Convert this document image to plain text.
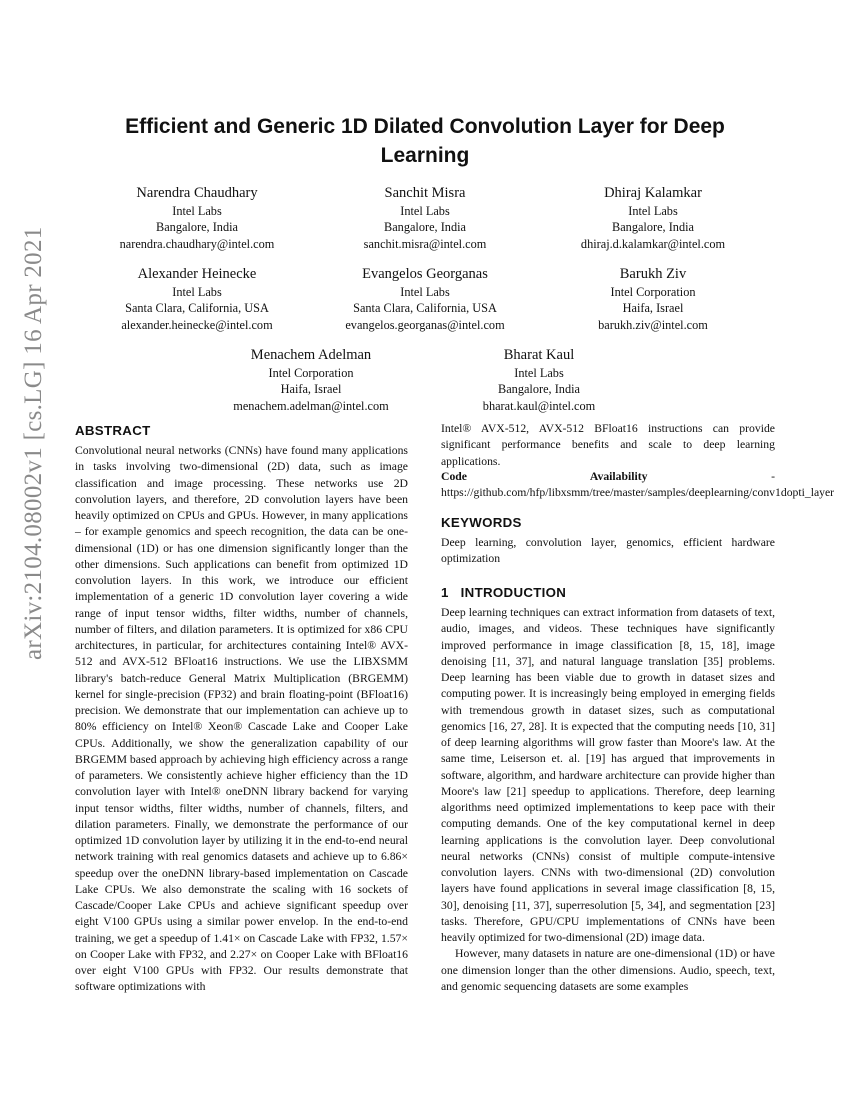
arXiv:2104.08002v1 [cs.LG] 16 Apr 2021
Efficient and Generic 1D Dilated Convolution Layer for Deep Learning
Narendra Chaudhary
Intel Labs
Bangalore, India
narendra.chaudhary@intel.com
Sanchit Misra
Intel Labs
Bangalore, India
sanchit.misra@intel.com
Dhiraj Kalamkar
Intel Labs
Bangalore, India
dhiraj.d.kalamkar@intel.com
Alexander Heinecke
Intel Labs
Santa Clara, California, USA
alexander.heinecke@intel.com
Evangelos Georganas
Intel Labs
Santa Clara, California, USA
evangelos.georganas@intel.com
Barukh Ziv
Intel Corporation
Haifa, Israel
barukh.ziv@intel.com
Menachem Adelman
Intel Corporation
Haifa, Israel
menachem.adelman@intel.com
Bharat Kaul
Intel Labs
Bangalore, India
bharat.kaul@intel.com
ABSTRACT

Convolutional neural networks (CNNs) have found many applications in tasks involving two-dimensional (2D) data, such as image classification and image processing. These networks use 2D convolution layers, and therefore, 2D convolution layers have been heavily optimized on CPUs and GPUs. However, in many applications – for example genomics and speech recognition, the data can be one-dimensional (1D) or has one dimension significantly longer than the other dimensions. Such applications can benefit from optimized 1D convolution layers. In this work, we introduce our efficient implementation of a generic 1D convolution layer covering a wide range of input tensor widths, filter widths, number of channels, number of filters, and dilation parameters. It is optimized for x86 CPU architectures, in particular, for architectures containing Intel® AVX-512 and AVX-512 BFloat16 instructions. We use the LIBXSMM library's batch-reduce General Matrix Multiplication (BRGEMM) kernel for single-precision (FP32) and brain floating-point (BFloat16) precision. We demonstrate that our implementation can achieve up to 80% efficiency on Intel® Xeon® Cascade Lake and Cooper Lake CPUs. Additionally, we show the generalization capability of our BRGEMM based approach by achieving high efficiency across a range of parameters. We consistently achieve higher efficiency than the 1D convolution layer with Intel® oneDNN library backend for varying input tensor widths, filter widths, number of channels, filters, and dilation parameters. Finally, we demonstrate the performance of our optimized 1D convolution layer by utilizing it in the end-to-end neural network training with real genomics datasets and achieve up to 6.86× speedup over the oneDNN library-based implementation on Cascade Lake CPUs. We also demonstrate the scaling with 16 sockets of Cascade/Cooper Lake CPUs and achieve significant speedup over eight V100 GPUs using a similar power envelop. In the end-to-end training, we get a speedup of 1.41× on Cascade Lake with FP32, 1.57× on Cooper Lake with FP32, and 2.27× on Cooper Lake with BFloat16 over eight V100 GPUs with FP32. Our results demonstrate that software optimizations with

Intel® AVX-512, AVX-512 BFloat16 instructions can provide significant performance benefits and scale to deep learning applications.

Code Availability - https://github.com/hfp/libxsmm/tree/master/samples/deeplearning/conv1dopti_layer

KEYWORDS

Deep learning, convolution layer, genomics, efficient hardware optimization

1   INTRODUCTION

Deep learning techniques can extract information from datasets of text, audio, images, and videos. These techniques have significantly improved performance in image classification [8, 15, 18], image denoising [11, 37], and natural language translation [35] problems. Deep learning has been viable due to growth in dataset sizes and computing power. It is increasingly being employed in emerging fields with tremendous growth in dataset sizes, such as computational genomics [16, 27, 28]. It is expected that the computing needs [10, 31] of deep learning algorithms will grow faster than Moore's law. At the same time, Leiserson et. al. [19] has argued that improvements in software, algorithm, and hardware architecture can provide higher than Moore's law [21] speedup to applications. Therefore, deep learning algorithms need optimized implementations to keep pace with their computing demands. One of the key computational kernel in deep learning applications is the convolution layer. Deep convolutional neural networks (CNNs) consist of multiple compute-intensive convolution layers. CNNs with two-dimensional (2D) convolution layers have found applications in several image classification [8, 15, 30], denoising [11, 37], superresolution [5, 34], and segmentation [23] tasks. Therefore, GPU/CPU implementations of CNNs have been heavily optimized for two-dimensional (2D) image data.

However, many datasets in nature are one-dimensional (1D) or have one dimension longer than the other dimensions. Audio, speech, text, and genomic sequencing datasets are some examples
